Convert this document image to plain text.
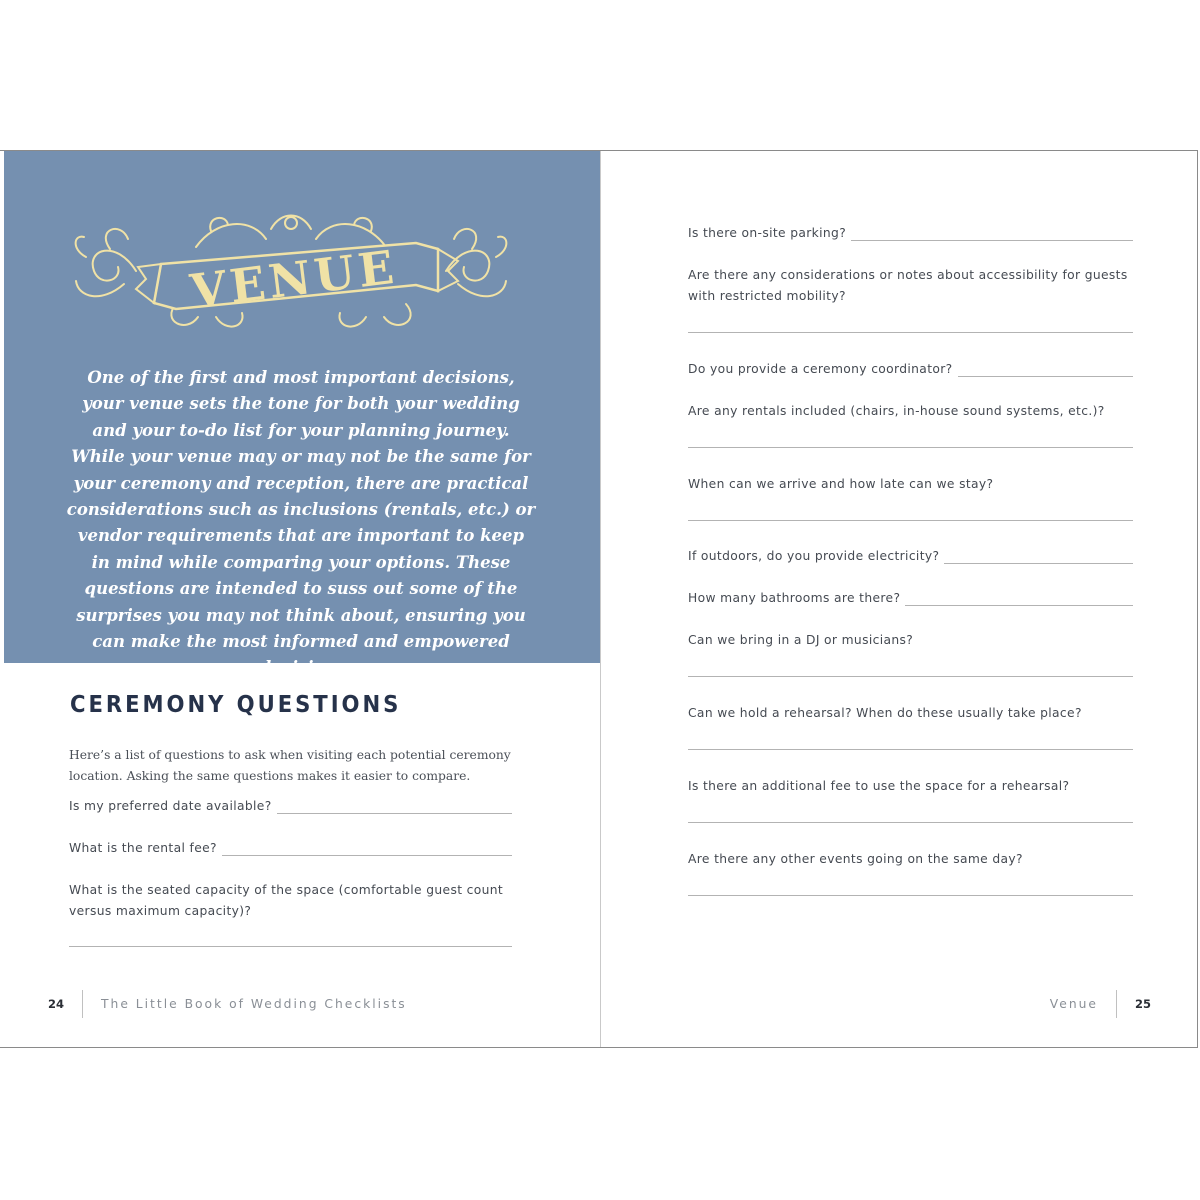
VENUE

One of the first and most important decisions, your venue sets the tone for both your wedding and your to-do list for your planning journey. While your venue may or may not be the same for your ceremony and reception, there are practical considerations such as inclusions (rentals, etc.) or vendor requirements that are important to keep in mind while comparing your options. These questions are intended to suss out some of the surprises you may not think about, ensuring you can make the most informed and empowered decision.

CEREMONY QUESTIONS

Here’s a list of questions to ask when visiting each potential ceremony location. Asking the same questions makes it easier to compare.

Is my preferred date available?
What is the rental fee?

What is the seated capacity of the space (comfortable guest count versus maximum capacity)?

24	The Little Book of Wedding Checklists
Is there on-site parking?

Are there any considerations or notes about accessibility for guests with restricted mobility?

Do you provide a ceremony coordinator?

Are any rentals included (chairs, in-house sound systems, etc.)?

When can we arrive and how late can we stay?

If outdoors, do you provide electricity?
How many bathrooms are there?

Can we bring in a DJ or musicians?

Can we hold a rehearsal? When do these usually take place?

Is there an additional fee to use the space for a rehearsal?

Are there any other events going on the same day?

Venue	25
